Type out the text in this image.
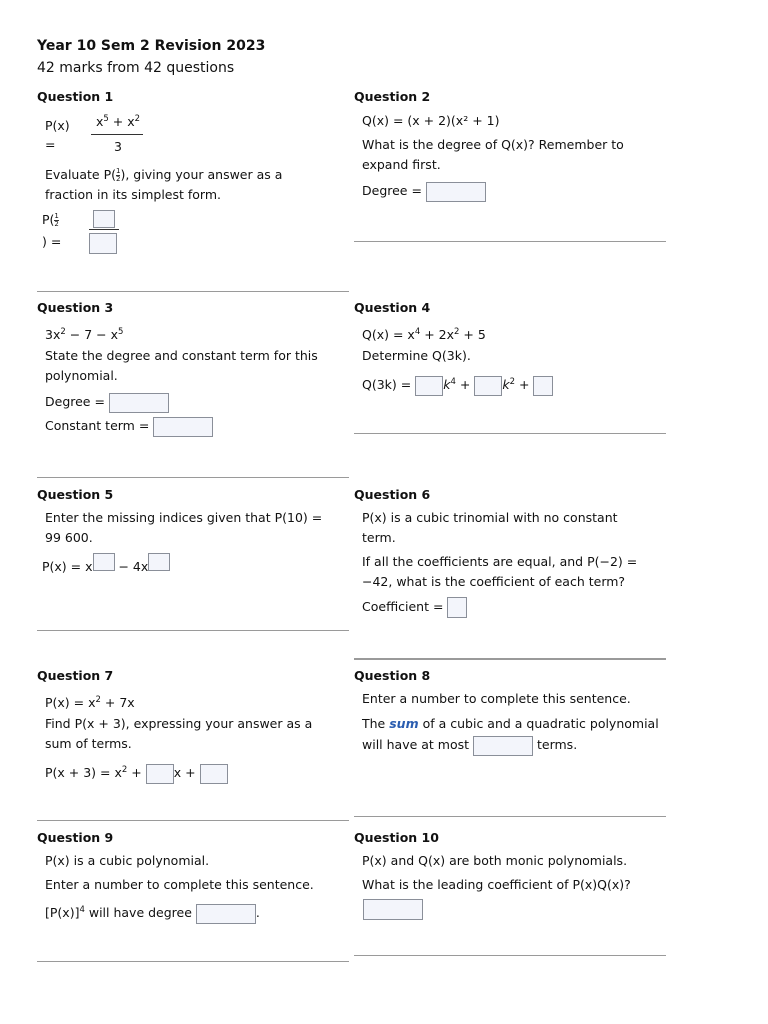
Year 10 Sem 2 Revision 2023
42 marks from 42 questions
Question 1
P(x)
=
$x^5 + x^2$
3
Evaluate $P( \frac{1}{2}$ ), giving your answer as a fraction in its simplest form.
$P( \frac{1}{2}$
) =
Question 2
Q(x) = (x + 2)(x² + 1)
What is the degree of Q(x)? Remember to expand first.
Degree =
Question 3
$3x^2 - 7 - x^5$
State the degree and constant term for this polynomial.
Degree =
Constant term =
Question 4
$Q(x) = x^4 + 2x^2 + 5$
Determine Q(3k).
$Q(3k) = k^4 + k^2$ +
Question 5
Enter the missing indices given that P(10) = 99 600.
P(x) = x − 4x
Question 6
P(x) is a cubic trinomial with no constant term.
If all the coefficients are equal, and P(−2) = −42, what is the coefficient of each term?
Coefficient =
Question 7
$P(x) = x^2 + 7x$
Find P(x + 3), expressing your answer as a sum of terms.
$P(x + 3) = x^2 + x$ +
Question 8
Enter a number to complete this sentence.
The sum of a cubic and a quadratic polynomial will have at most	terms.
Question 9
P(x) is a cubic polynomial.
Enter a number to complete this sentence.
$[P(x)]^4$ will have degree	.
Question 10
P(x) and Q(x) are both monic polynomials.
What is the leading coefficient of P(x)Q(x)?
